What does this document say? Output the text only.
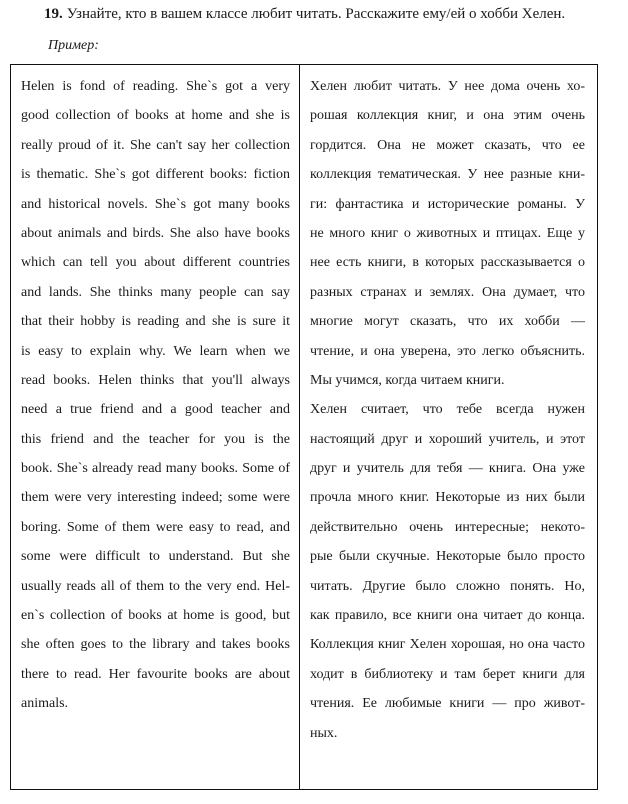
19. Узнайте, кто в вашем классе любит читать. Расскажите ему/ей о хобби Хелен.
Пример:
Helen is fond of reading. She`s got a very
good collection of books at home and she is
really proud of it. She can't say her collection
is thematic. She`s got different books: fiction
and historical novels. She`s got many books
about animals and birds. She also have books
which can tell you about different countries
and lands. She thinks many people can say
that their hobby is reading and she is sure it
is easy to explain why. We learn when we
read books. Helen thinks that you'll always
need a true friend and a good teacher and
this friend and the teacher for you is the
book. She`s already read many books. Some of
them were very interesting indeed; some were
boring. Some of them were easy to read, and
some were difficult to understand. But she
usually reads all of them to the very end. Hel-
en`s collection of books at home is good, but
she often goes to the library and takes books
there to read. Her favourite books are about
animals.
Хелен любит читать. У нее дома очень хо-
рошая коллекция книг, и она этим очень
гордится. Она не может сказать, что ее
коллекция тематическая. У нее разные кни-
ги: фантастика и исторические романы. У
не много книг о животных и птицах. Еще у
нее есть книги, в которых рассказывается о
разных странах и землях. Она думает, что
многие могут сказать, что их хобби —
чтение, и она уверена, это легко объяснить.
Мы учимся, когда читаем книги.
Хелен считает, что тебе всегда нужен
настоящий друг и хороший учитель, и этот
друг и учитель для тебя — книга. Она уже
прочла много книг. Некоторые из них были
действительно очень интересные; некото-
рые были скучные. Некоторые было просто
читать. Другие было сложно понять. Но,
как правило, все книги она читает до конца.
Коллекция книг Хелен хорошая, но она часто
ходит в библиотеку и там берет книги для
чтения. Ее любимые книги — про живот-
ных.
